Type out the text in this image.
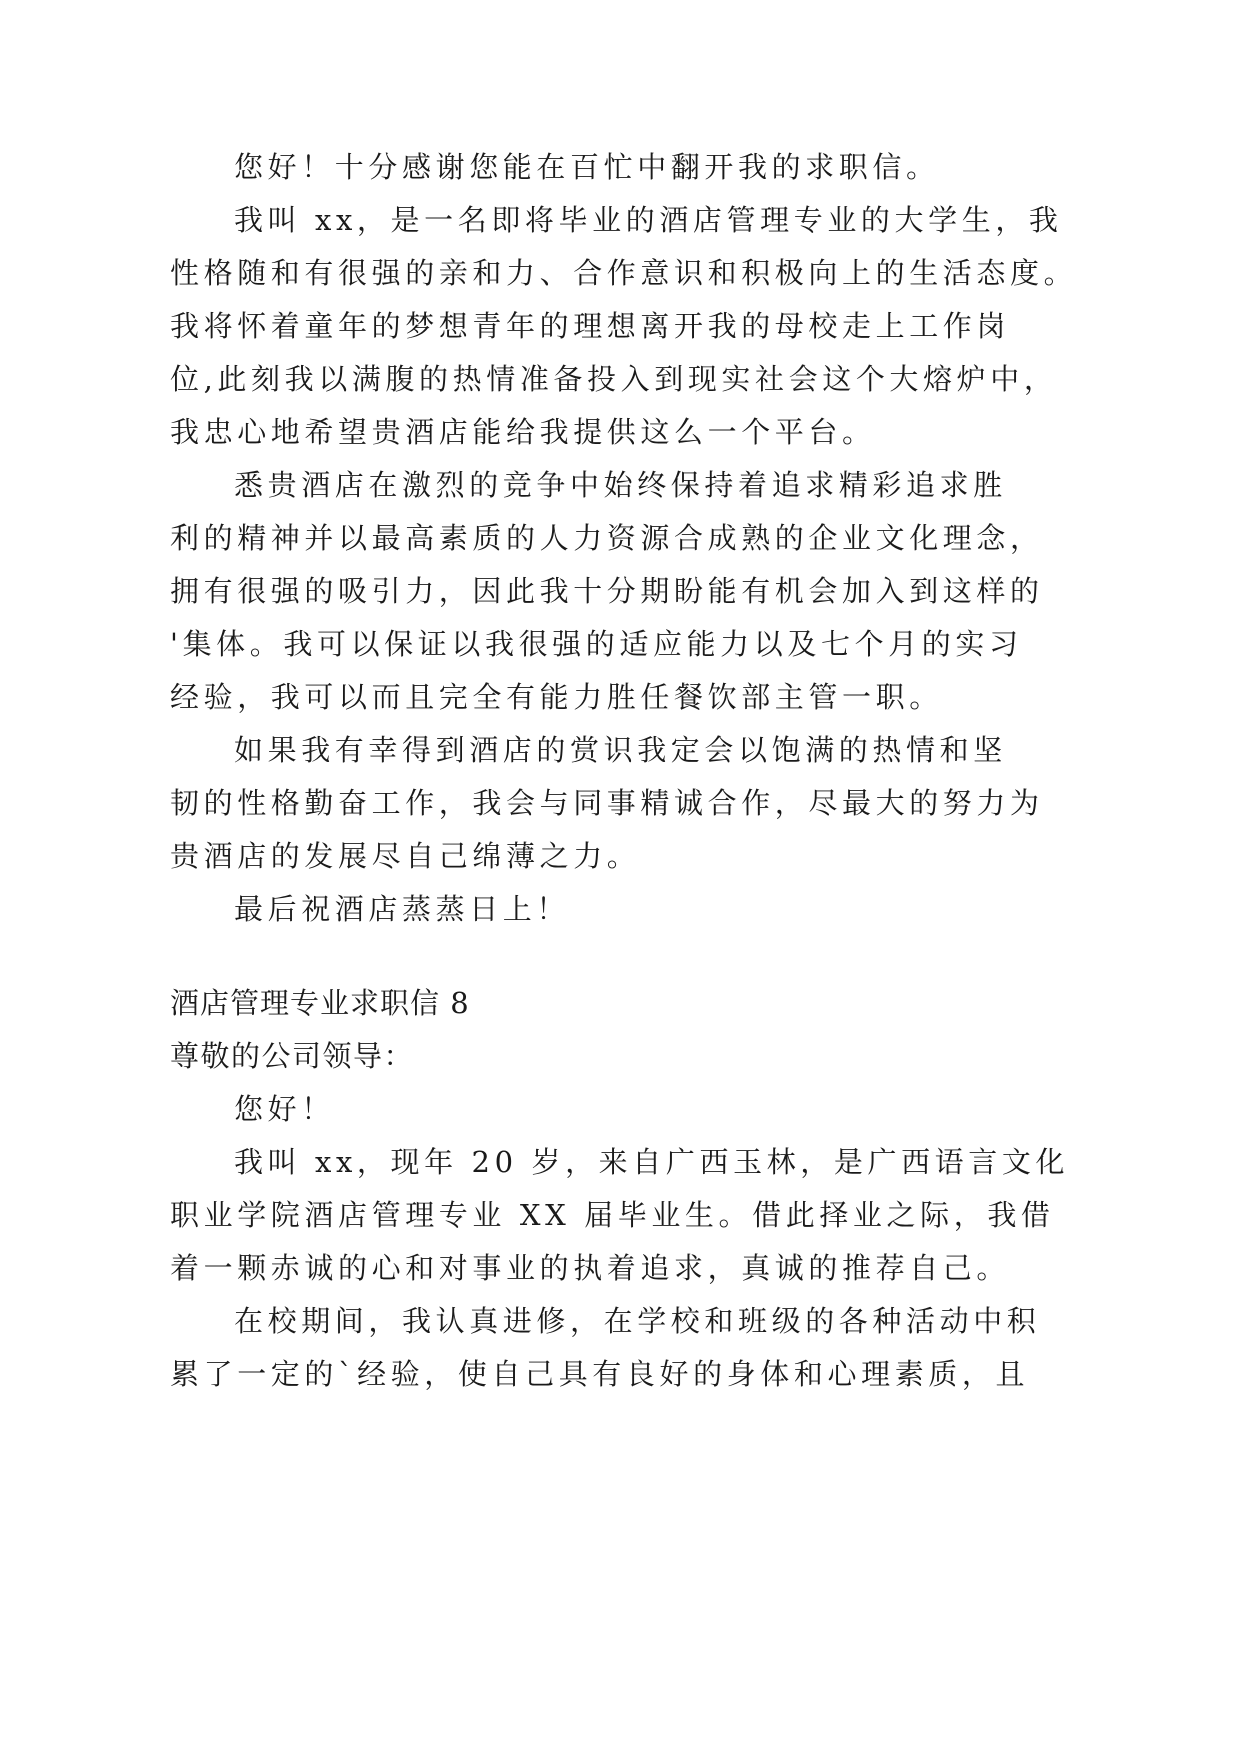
您好！十分感谢您能在百忙中翻开我的求职信。
我叫 xx，是一名即将毕业的酒店管理专业的大学生，我
性格随和有很强的亲和力、合作意识和积极向上的生活态度。
我将怀着童年的梦想青年的理想离开我的母校走上工作岗
位,此刻我以满腹的热情准备投入到现实社会这个大熔炉中，
我忠心地希望贵酒店能给我提供这么一个平台。
悉贵酒店在激烈的竞争中始终保持着追求精彩追求胜
利的精神并以最高素质的人力资源合成熟的企业文化理念，
拥有很强的吸引力，因此我十分期盼能有机会加入到这样的
'集体。我可以保证以我很强的适应能力以及七个月的实习
经验，我可以而且完全有能力胜任餐饮部主管一职。
如果我有幸得到酒店的赏识我定会以饱满的热情和坚
韧的性格勤奋工作，我会与同事精诚合作，尽最大的努力为
贵酒店的发展尽自己绵薄之力。
最后祝酒店蒸蒸日上！
酒店管理专业求职信 8
尊敬的公司领导：
您好！
我叫 xx，现年 20 岁，来自广西玉林，是广西语言文化
职业学院酒店管理专业 XX 届毕业生。借此择业之际，我借
着一颗赤诚的心和对事业的执着追求，真诚的推荐自己。
在校期间，我认真进修，在学校和班级的各种活动中积
累了一定的`经验，使自己具有良好的身体和心理素质，且
